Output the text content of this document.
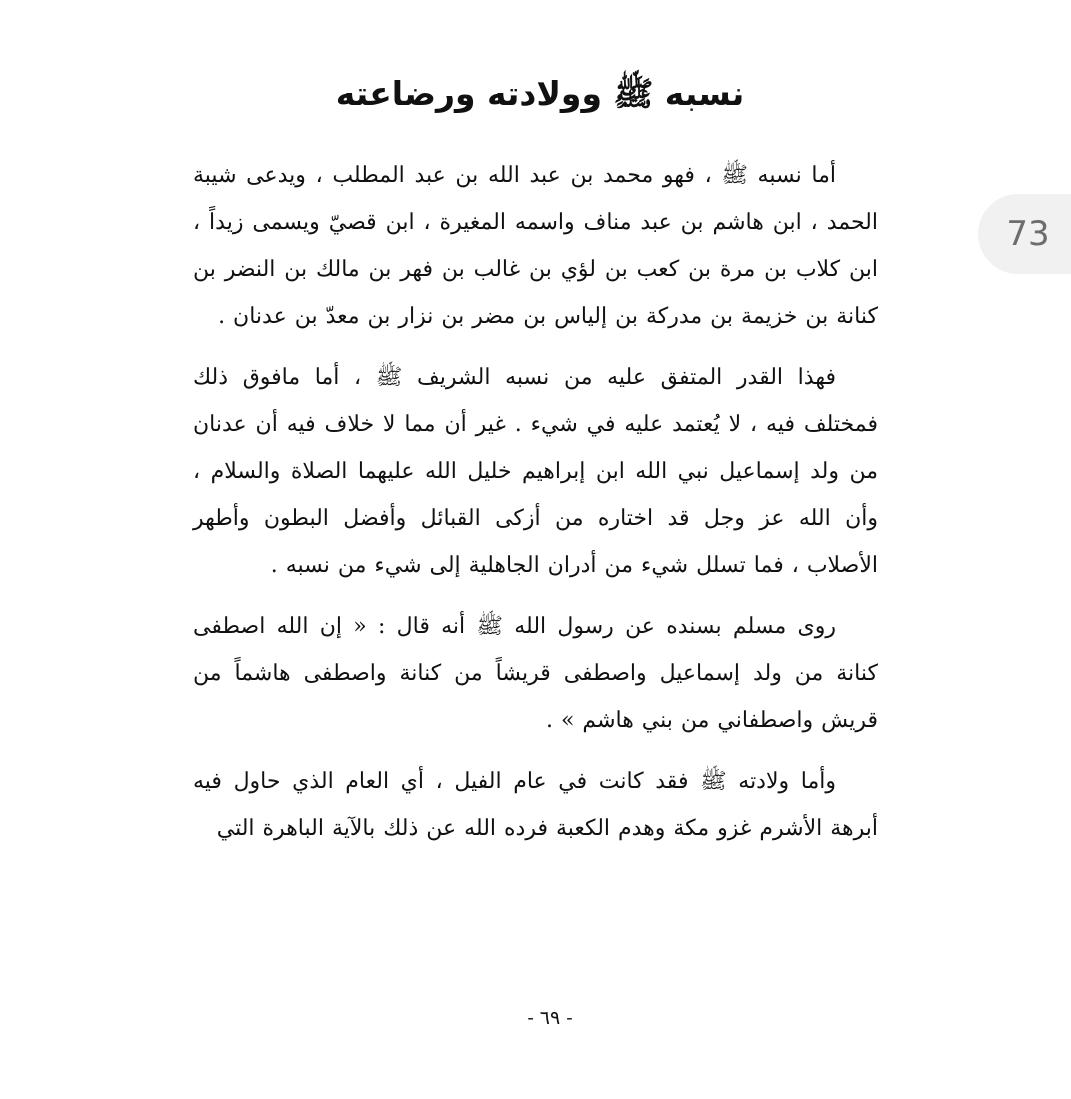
نسبه ﷺ وولادته ورضاعته

أما نسبه ﷺ ، فهو محمد بن عبد الله بن عبد المطلب ، ويدعى شيبة الحمد ، ابن هاشم بن عبد مناف واسمه المغيرة ، ابن قصيّ ويسمى زيداً ، ابن كلاب بن مرة بن كعب بن لؤي بن غالب بن فهر بن مالك بن النضر بن كنانة بن خزيمة بن مدركة بن إلياس بن مضر بن نزار بن معدّ بن عدنان .

فهذا القدر المتفق عليه من نسبه الشريف ﷺ ، أما مافوق ذلك فمختلف فيه ، لا يُعتمد عليه في شيء . غير أن مما لا خلاف فيه أن عدنان من ولد إسماعيل نبي الله ابن إبراهيم خليل الله عليهما الصلاة والسلام ، وأن الله عز وجل قد اختاره من أزكى القبائل وأفضل البطون وأطهر الأصلاب ، فما تسلل شيء من أدران الجاهلية إلى شيء من نسبه .

روى مسلم بسنده عن رسول الله ﷺ أنه قال : « إن الله اصطفى كنانة من ولد إسماعيل واصطفى قريشاً من كنانة واصطفى هاشماً من قريش واصطفاني من بني هاشم » .

وأما ولادته ﷺ فقد كانت في عام الفيل ، أي العام الذي حاول فيه أبرهة الأشرم غزو مكة وهدم الكعبة فرده الله عن ذلك بالآية الباهرة التي

- ٦٩ -
73
